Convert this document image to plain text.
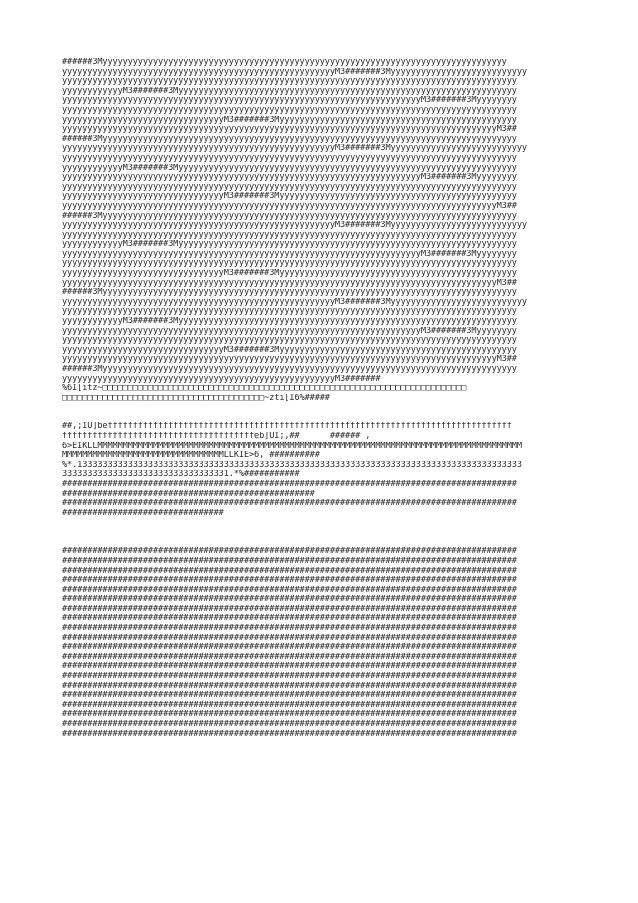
######3Myyyyyyyyyyyyyyyyyyyyyyyyyyyyyyyyyyyyyyyyyyyyyyyyyyyyyyyyyyyyyyyyyyyyyyyyyyyyyyyy
yyyyyyyyyyyyyyyyyyyyyyyyyyyyyyyyyyyyyyyyyyyyyyyyyyyyyyM3#######3Myyyyyyyyyyyyyyyyyyyyyyyyyyy
yyyyyyyyyyyyyyyyyyyyyyyyyyyyyyyyyyyyyyyyyyyyyyyyyyyyyyyyyyyyyyyyyyyyyyyyyyyyyyyyyyyyyyyyyy
yyyyyyyyyyyyM3#######3Myyyyyyyyyyyyyyyyyyyyyyyyyyyyyyyyyyyyyyyyyyyyyyyyyyyyyyyyyyyyyyyyyyy
yyyyyyyyyyyyyyyyyyyyyyyyyyyyyyyyyyyyyyyyyyyyyyyyyyyyyyyyyyyyyyyyyyyyyyyM3#######3Myyyyyyyy
yyyyyyyyyyyyyyyyyyyyyyyyyyyyyyyyyyyyyyyyyyyyyyyyyyyyyyyyyyyyyyyyyyyyyyyyyyyyyyyyyyyyyyyyyy
yyyyyyyyyyyyyyyyyyyyyyyyyyyyyyyyM3#######3Myyyyyyyyyyyyyyyyyyyyyyyyyyyyyyyyyyyyyyyyyyyyyyy
yyyyyyyyyyyyyyyyyyyyyyyyyyyyyyyyyyyyyyyyyyyyyyyyyyyyyyyyyyyyyyyyyyyyyyyyyyyyyyyyyyyyyyM3##
######3Myyyyyyyyyyyyyyyyyyyyyyyyyyyyyyyyyyyyyyyyyyyyyyyyyyyyyyyyyyyyyyyyyyyyyyyyyyyyyyyyyy
yyyyyyyyyyyyyyyyyyyyyyyyyyyyyyyyyyyyyyyyyyyyyyyyyyyyyyM3#######3Myyyyyyyyyyyyyyyyyyyyyyyyyyy
yyyyyyyyyyyyyyyyyyyyyyyyyyyyyyyyyyyyyyyyyyyyyyyyyyyyyyyyyyyyyyyyyyyyyyyyyyyyyyyyyyyyyyyyyy
yyyyyyyyyyyyM3#######3Myyyyyyyyyyyyyyyyyyyyyyyyyyyyyyyyyyyyyyyyyyyyyyyyyyyyyyyyyyyyyyyyyyy
yyyyyyyyyyyyyyyyyyyyyyyyyyyyyyyyyyyyyyyyyyyyyyyyyyyyyyyyyyyyyyyyyyyyyyyM3#######3Myyyyyyyy
yyyyyyyyyyyyyyyyyyyyyyyyyyyyyyyyyyyyyyyyyyyyyyyyyyyyyyyyyyyyyyyyyyyyyyyyyyyyyyyyyyyyyyyyyy
yyyyyyyyyyyyyyyyyyyyyyyyyyyyyyyyM3#######3Myyyyyyyyyyyyyyyyyyyyyyyyyyyyyyyyyyyyyyyyyyyyyyy
yyyyyyyyyyyyyyyyyyyyyyyyyyyyyyyyyyyyyyyyyyyyyyyyyyyyyyyyyyyyyyyyyyyyyyyyyyyyyyyyyyyyyyM3##
######3Myyyyyyyyyyyyyyyyyyyyyyyyyyyyyyyyyyyyyyyyyyyyyyyyyyyyyyyyyyyyyyyyyyyyyyyyyyyyyyyyyy
yyyyyyyyyyyyyyyyyyyyyyyyyyyyyyyyyyyyyyyyyyyyyyyyyyyyyyM3#######3Myyyyyyyyyyyyyyyyyyyyyyyyyyy
yyyyyyyyyyyyyyyyyyyyyyyyyyyyyyyyyyyyyyyyyyyyyyyyyyyyyyyyyyyyyyyyyyyyyyyyyyyyyyyyyyyyyyyyyy
yyyyyyyyyyyyM3#######3Myyyyyyyyyyyyyyyyyyyyyyyyyyyyyyyyyyyyyyyyyyyyyyyyyyyyyyyyyyyyyyyyyyy
yyyyyyyyyyyyyyyyyyyyyyyyyyyyyyyyyyyyyyyyyyyyyyyyyyyyyyyyyyyyyyyyyyyyyyyM3#######3Myyyyyyyy
yyyyyyyyyyyyyyyyyyyyyyyyyyyyyyyyyyyyyyyyyyyyyyyyyyyyyyyyyyyyyyyyyyyyyyyyyyyyyyyyyyyyyyyyyy
yyyyyyyyyyyyyyyyyyyyyyyyyyyyyyyyM3#######3Myyyyyyyyyyyyyyyyyyyyyyyyyyyyyyyyyyyyyyyyyyyyyyy
yyyyyyyyyyyyyyyyyyyyyyyyyyyyyyyyyyyyyyyyyyyyyyyyyyyyyyyyyyyyyyyyyyyyyyyyyyyyyyyyyyyyyyM3##
######3Myyyyyyyyyyyyyyyyyyyyyyyyyyyyyyyyyyyyyyyyyyyyyyyyyyyyyyyyyyyyyyyyyyyyyyyyyyyyyyyyyy
yyyyyyyyyyyyyyyyyyyyyyyyyyyyyyyyyyyyyyyyyyyyyyyyyyyyyyM3#######3Myyyyyyyyyyyyyyyyyyyyyyyyyyy
yyyyyyyyyyyyyyyyyyyyyyyyyyyyyyyyyyyyyyyyyyyyyyyyyyyyyyyyyyyyyyyyyyyyyyyyyyyyyyyyyyyyyyyyyy
yyyyyyyyyyyyM3#######3Myyyyyyyyyyyyyyyyyyyyyyyyyyyyyyyyyyyyyyyyyyyyyyyyyyyyyyyyyyyyyyyyyyy
yyyyyyyyyyyyyyyyyyyyyyyyyyyyyyyyyyyyyyyyyyyyyyyyyyyyyyyyyyyyyyyyyyyyyyyM3#######3Myyyyyyyy
yyyyyyyyyyyyyyyyyyyyyyyyyyyyyyyyyyyyyyyyyyyyyyyyyyyyyyyyyyyyyyyyyyyyyyyyyyyyyyyyyyyyyyyyyy
yyyyyyyyyyyyyyyyyyyyyyyyyyyyyyyyM3#######3Myyyyyyyyyyyyyyyyyyyyyyyyyyyyyyyyyyyyyyyyyyyyyyy
yyyyyyyyyyyyyyyyyyyyyyyyyyyyyyyyyyyyyyyyyyyyyyyyyyyyyyyyyyyyyyyyyyyyyyyyyyyyyyyyyyyyyyM3##
######3Myyyyyyyyyyyyyyyyyyyyyyyyyyyyyyyyyyyyyyyyyyyyyyyyyyyyyyyyyyyyyyyyyyyyyyyyyyyyyyyyyy
yyyyyyyyyyyyyyyyyyyyyyyyyyyyyyyyyyyyyyyyyyyyyyyyyyyyyyM3#######
%6I[itz~□□□□□□□□□□□□□□□□□□□□□□□□□□□□□□□□□□□□□□□□□□□□□□□□□□□□□□□□□□□□□□□□□□□□□□□□
□□□□□□□□□□□□□□□□□□□□□□□□□□□□□□□□□□□□□□□□~zti[I6%#####
##,;IU]beffffffffffffffffffffffffffffffffffffffffffffffffffffffffffffffffffffffffffffffff
ffffffffffffffffffffffffffffffffffffffeb]UI;,##      ###### ,
6>EIKLLMMMMMMMMMMMMMMMMMMMMMMMMMMMMMMMMMMMMMMMMMMMMMMMMMMMMMMMMMMMMMMMMMMMMMMMMMMMMMMMMMMMM
MMMMMMMMMMMMMMMMMMMMMMMMMMMMMMMMLLKIE>6, ##########
%*.1333333333333333333333333333333333333333333333333333333333333333333333333333333333333333
333333333333333333333333333333331.*%###########
##########################################################################################
##################################################
##########################################################################################
################################
##########################################################################################
##########################################################################################
##########################################################################################
##########################################################################################
##########################################################################################
##########################################################################################
##########################################################################################
##########################################################################################
##########################################################################################
##########################################################################################
##########################################################################################
##########################################################################################
##########################################################################################
##########################################################################################
##########################################################################################
##########################################################################################
##########################################################################################
##########################################################################################
##########################################################################################
##########################################################################################
